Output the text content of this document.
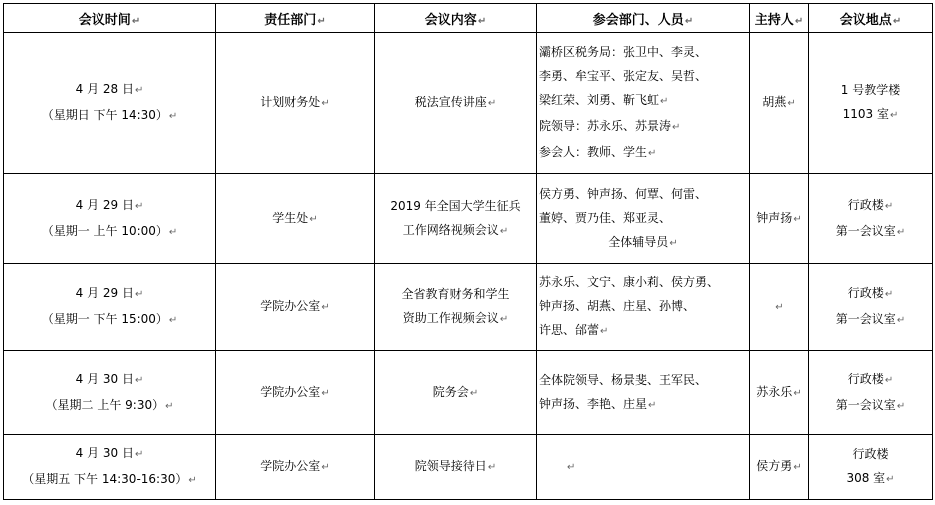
会议时间↵	责任部门↵	会议内容↵	参会部门、人员↵	主持人↵	会议地点↵

4 月 28 日↵
（星期日 下午 14:30）↵	计划财务处↵	税法宣传讲座↵	灞桥区税务局：张卫中、李灵、
李勇、牟宝平、张定友、吴哲、
梁红荣、刘勇、靳飞虹↵
院领导：苏永乐、苏景涛↵
参会人：教师、学生↵	胡燕↵	1 号教学楼
1103 室↵

4 月 29 日↵
（星期一 上午 10:00）↵	学生处↵	2019 年全国大学生征兵
工作网络视频会议↵	侯方勇、钟声扬、何覃、何雷、
董婷、贾乃佳、郑亚灵、
全体辅导员↵	钟声扬↵	行政楼↵
第一会议室↵

4 月 29 日↵
（星期一 下午 15:00）↵	学院办公室↵	全省教育财务和学生
资助工作视频会议↵	苏永乐、文宁、康小莉、侯方勇、
钟声扬、胡燕、庄星、孙博、
许思、邰蕾↵	↵	行政楼↵
第一会议室↵

4 月 30 日↵
（星期二 上午 9:30）↵	学院办公室↵	院务会↵	全体院领导、杨景斐、王军民、
钟声扬、李艳、庄星↵	苏永乐↵	行政楼↵
第一会议室↵

4 月 30 日↵
（星期五 下午 14:30-16:30）↵	学院办公室↵	院领导接待日↵	↵	侯方勇↵	行政楼
308 室↵
